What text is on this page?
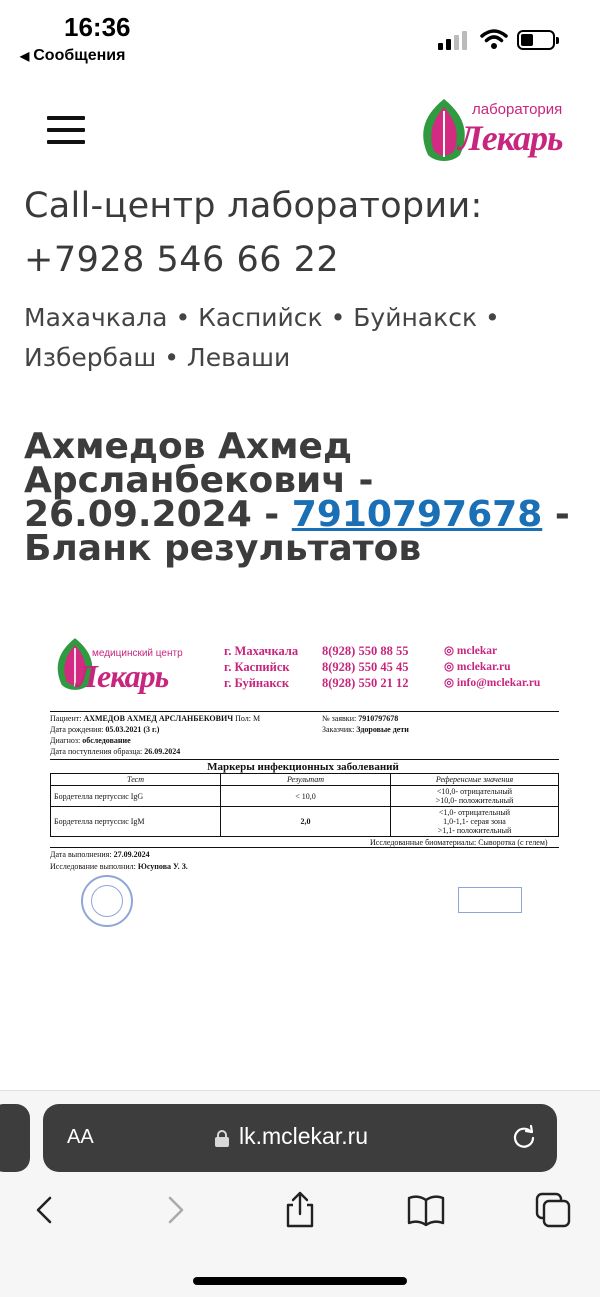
16:36
◀ Сообщения
лаборатория
Лекарь
Call-центр лаборатории:
+7928 546 66 22
Махачкала • Каспийск • Буйнакск • Избербаш • Леваши
Ахмедов Ахмед Арсланбекович - 26.09.2024 - 7910797678 - Бланк результатов
медицинский центр
Лекарь
г. Махачкала
г. Каспийск
г. Буйнакск
8(928) 550 88 55
8(928) 550 45 45
8(928) 550 21 12
◎ mclekar
◎ mclekar.ru
◎ info@mclekar.ru
Пациент: АХМЕДОВ АХМЕД АРСЛАНБЕКОВИЧ Пол: М	№ заявки: 7910797678
Дата рождения: 05.03.2021 (3 г.)	Заказчик: Здоровые дети
Диагноз: обследование
Дата поступления образца: 26.09.2024
Маркеры инфекционных заболеваний
Тест	Результат	Референсные значения
Бордетелла пертуссис IgG	< 10,0	<10,0- отрицательный
>10,0- положительный

Бордетелла пертуссис IgM	2,0	<1,0- отрицательный
1,0-1,1- серая зона
>1,1- положительный
Исследованные биоматериалы: Сыворотка (с гелем)
Дата выполнения: 27.09.2024
Исследование выполнил: Юсупова У. З.
AA	lk.mclekar.ru
